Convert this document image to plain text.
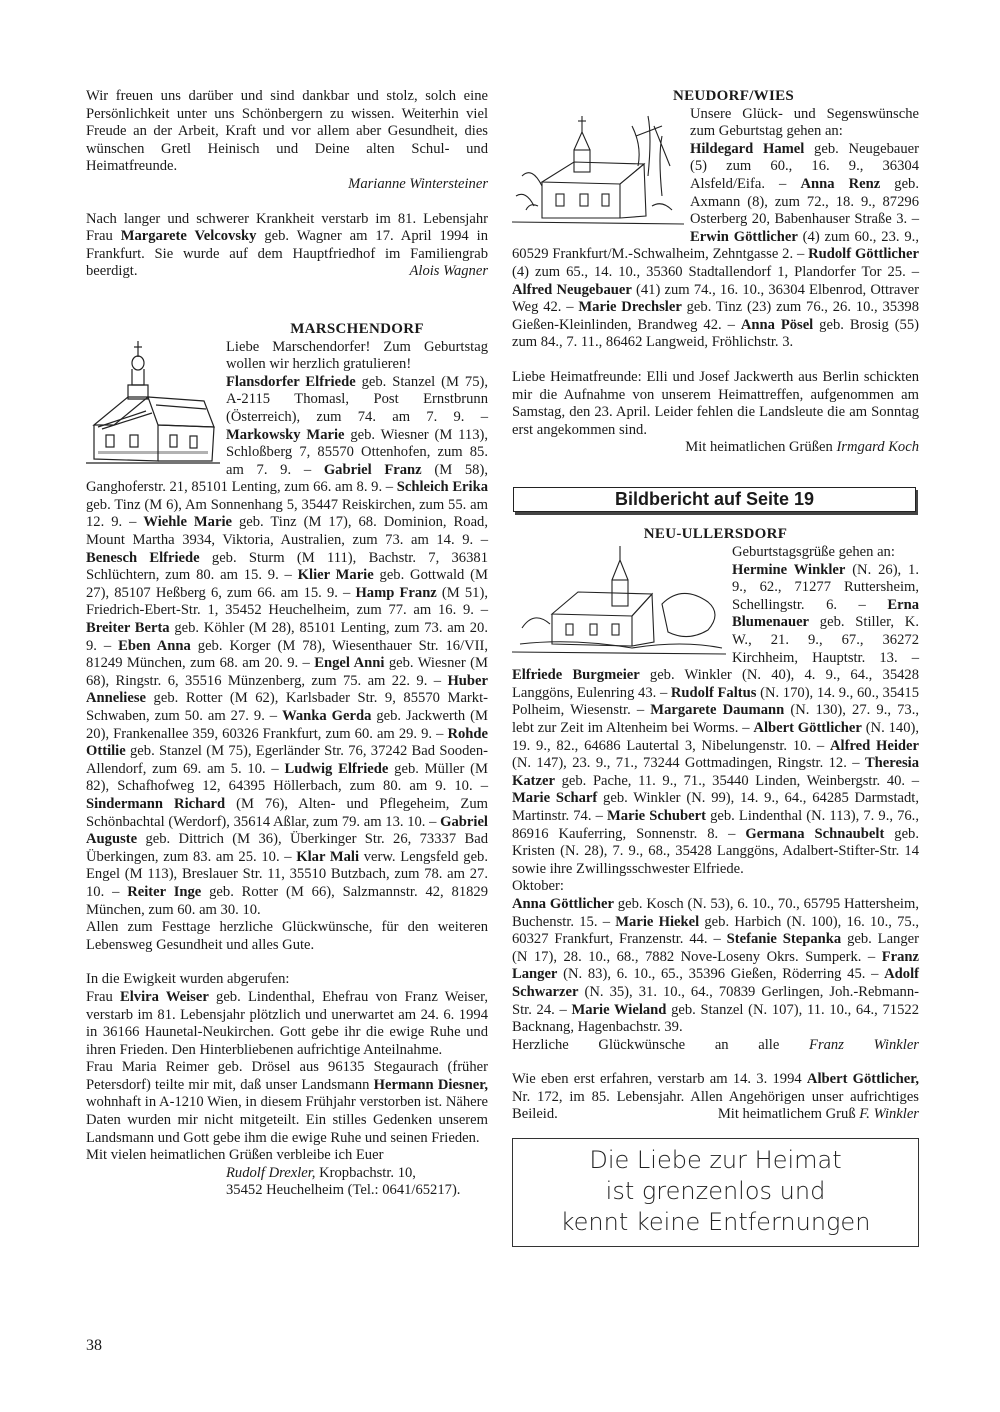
Wir freuen uns darüber und sind dankbar und stolz, solch eine Persönlichkeit unter uns Schönbergern zu wissen. Weiterhin viel Freude an der Arbeit, Kraft und vor allem aber Gesundheit, dies wünschen Gretl Heinisch und Deine alten Schul- und Heimatfreunde.

Marianne Wintersteiner

Nach langer und schwerer Krankheit verstarb im 81. Lebensjahr Frau Margarete Velcovsky geb. Wagner am 17. April 1994 in Frankfurt. Sie wurde auf dem Hauptfriedhof im Familiengrab beerdigt.	Alois Wagner

MARSCHENDORF

Liebe Marschendorfer! Zum Geburtstag wollen wir herzlich gratulieren!

Flansdorfer Elfriede geb. Stanzel (M 75), A-2115 Thomasl, Post Ernstbrunn (Österreich), zum 74. am 7. 9. – Markowsky Marie geb. Wiesner (M 113), Schloßberg 7, 85570 Ottenhofen, zum 85. am 7. 9. – Gabriel Franz (M 58), Ganghoferstr. 21, 85101 Lenting, zum 66. am 8. 9. – Schleich Erika geb. Tinz (M 6), Am Sonnenhang 5, 35447 Reiskirchen, zum 55. am 12. 9. – Wiehle Marie geb. Tinz (M 17), 68. Dominion, Road, Mount Martha 3934, Viktoria, Australien, zum 73. am 14. 9. – Benesch Elfriede geb. Sturm (M 111), Bachstr. 7, 36381 Schlüchtern, zum 80. am 15. 9. – Klier Marie geb. Gottwald (M 27), 85107 Heßberg 6, zum 66. am 15. 9. – Hamp Franz (M 51), Friedrich-Ebert-Str. 1, 35452 Heuchelheim, zum 77. am 16. 9. – Breiter Berta geb. Köhler (M 28), 85101 Lenting, zum 73. am 20. 9. – Eben Anna geb. Korger (M 78), Wiesenthauer Str. 16/VII, 81249 München, zum 68. am 20. 9. – Engel Anni geb. Wiesner (M 68), Ringstr. 6, 35516 Münzenberg, zum 75. am 22. 9. – Huber Anneliese geb. Rotter (M 62), Karlsbader Str. 9, 85570 Markt-Schwaben, zum 50. am 27. 9. – Wanka Gerda geb. Jackwerth (M 20), Frankenallee 359, 60326 Frankfurt, zum 60. am 29. 9. – Rohde Ottilie geb. Stanzel (M 75), Egerländer Str. 76, 37242 Bad Sooden-Allendorf, zum 69. am 5. 10. – Ludwig Elfriede geb. Müller (M 82), Schafhofweg 12, 64395 Höllerbach, zum 80. am 9. 10. – Sindermann Richard (M 76), Alten- und Pflegeheim, Zum Schönbachtal (Werdorf), 35614 Aßlar, zum 79. am 13. 10. – Gabriel Auguste geb. Dittrich (M 36), Überkinger Str. 26, 73337 Bad Überkingen, zum 83. am 25. 10. – Klar Mali verw. Lengsfeld geb. Engel (M 113), Breslauer Str. 11, 35510 Butzbach, zum 78. am 27. 10. – Reiter Inge geb. Rotter (M 66), Salzmannstr. 42, 81829 München, zum 60. am 30. 10.

Allen zum Festtage herzliche Glückwünsche, für den weiteren Lebensweg Gesundheit und alles Gute.

In die Ewigkeit wurden abgerufen:

Frau Elvira Weiser geb. Lindenthal, Ehefrau von Franz Weiser, verstarb im 81. Lebensjahr plötzlich und unerwartet am 24. 6. 1994 in 36166 Haunetal-Neukirchen. Gott gebe ihr die ewige Ruhe und ihren Frieden. Den Hinterbliebenen aufrichtige Anteilnahme.

Frau Maria Reimer geb. Drösel aus 96135 Stegaurach (früher Petersdorf) teilte mir mit, daß unser Landsmann Hermann Diesner, wohnhaft in A-1210 Wien, in diesem Frühjahr verstorben ist. Nähere Daten wurden mir nicht mitgeteilt. Ein stilles Gedenken unserem Landsmann und Gott gebe ihm die ewige Ruhe und seinen Frieden.

Mit vielen heimatlichen Grüßen verbleibe ich Euer

Rudolf Drexler, Kropbachstr. 10,

35452 Heuchelheim (Tel.: 0641/65217).

NEUDORF/WIES

Unsere Glück- und Segenswünsche zum Geburtstag gehen an:

Hildegard Hamel geb. Neugebauer (5) zum 60., 16. 9., 36304 Alsfeld/Eifa. – Anna Renz geb. Axmann (8), zum 72., 18. 9., 87296 Osterberg 20, Babenhauser Straße 3. – Erwin Göttlicher (4) zum 60., 23. 9., 60529 Frankfurt/M.-Schwalheim, Zehntgasse 2. – Rudolf Göttlicher (4) zum 65., 14. 10., 35360 Stadtallendorf 1, Plandorfer Tor 25. – Alfred Neugebauer (41) zum 74., 16. 10., 36304 Elbenrod, Ottraver Weg 42. – Marie Drechsler geb. Tinz (23) zum 76., 26. 10., 35398 Gießen-Kleinlinden, Brandweg 42. – Anna Pösel geb. Brosig (55) zum 84., 7. 11., 86462 Langweid, Fröhlichstr. 3.

Liebe Heimatfreunde: Elli und Josef Jackwerth aus Berlin schickten mir die Aufnahme von unserem Heimattreffen, aufgenommen am Samstag, den 23. April. Leider fehlen die Landsleute die am Sonntag erst angekommen sind.

Mit heimatlichen Grüßen Irmgard Koch

Bildbericht auf Seite 19
NEU-ULLERSDORF

Geburtstagsgrüße gehen an:

Hermine Winkler (N. 26), 1. 9., 62., 71277 Ruttersheim, Schellingstr. 6. – Erna Blumenauer geb. Stiller, K. W., 21. 9., 67., 36272 Kirchheim, Hauptstr. 13. – Elfriede Burgmeier geb. Winkler (N. 40), 4. 9., 64., 35428 Langgöns, Eulenring 43. – Rudolf Faltus (N. 170), 14. 9., 60., 35415 Polheim, Wiesenstr. – Margarete Daumann (N. 130), 27. 9., 73., lebt zur Zeit im Altenheim bei Worms. – Albert Göttlicher (N. 140), 19. 9., 82., 64686 Lautertal 3, Nibelungenstr. 10. – Alfred Heider (N. 147), 23. 9., 71., 73244 Gottmadingen, Ringstr. 12. – Theresia Katzer geb. Pache, 11. 9., 71., 35440 Linden, Weinbergstr. 40. – Marie Scharf geb. Winkler (N. 99), 14. 9., 64., 64285 Darmstadt, Martinstr. 74. – Marie Schubert geb. Lindenthal (N. 113), 7. 9., 76., 86916 Kauferring, Sonnenstr. 8. – Germana Schnaubelt geb. Kristen (N. 28), 7. 9., 68., 35428 Langgöns, Adalbert-Stifter-Str. 14 sowie ihre Zwillingsschwester Elfriede.

Oktober:

Anna Göttlicher geb. Kosch (N. 53), 6. 10., 70., 65795 Hattersheim, Buchenstr. 15. – Marie Hiekel geb. Harbich (N. 100), 16. 10., 75., 60327 Frankfurt, Franzenstr. 44. – Stefanie Stepanka geb. Langer (N 17), 28. 10., 68., 7882 Nove-Loseny Okrs. Sumperk. – Franz Langer (N. 83), 6. 10., 65., 35396 Gießen, Röderring 45. – Adolf Schwarzer (N. 35), 31. 10., 64., 70839 Gerlingen, Joh.-Rebmann-Str. 24. – Marie Wieland geb. Stanzel (N. 107), 11. 10., 64., 71522 Backnang, Hagenbachstr. 39.

Herzliche Glückwünsche an alle Franz Winkler

Wie eben erst erfahren, verstarb am 14. 3. 1994 Albert Göttlicher, Nr. 172, im 85. Lebensjahr. Allen Angehörigen unser aufrichtiges Beileid.	Mit heimatlichem Gruß F. Winkler

Die Liebe zur Heimat
ist grenzenlos und
kennt keine Entfernungen
38
